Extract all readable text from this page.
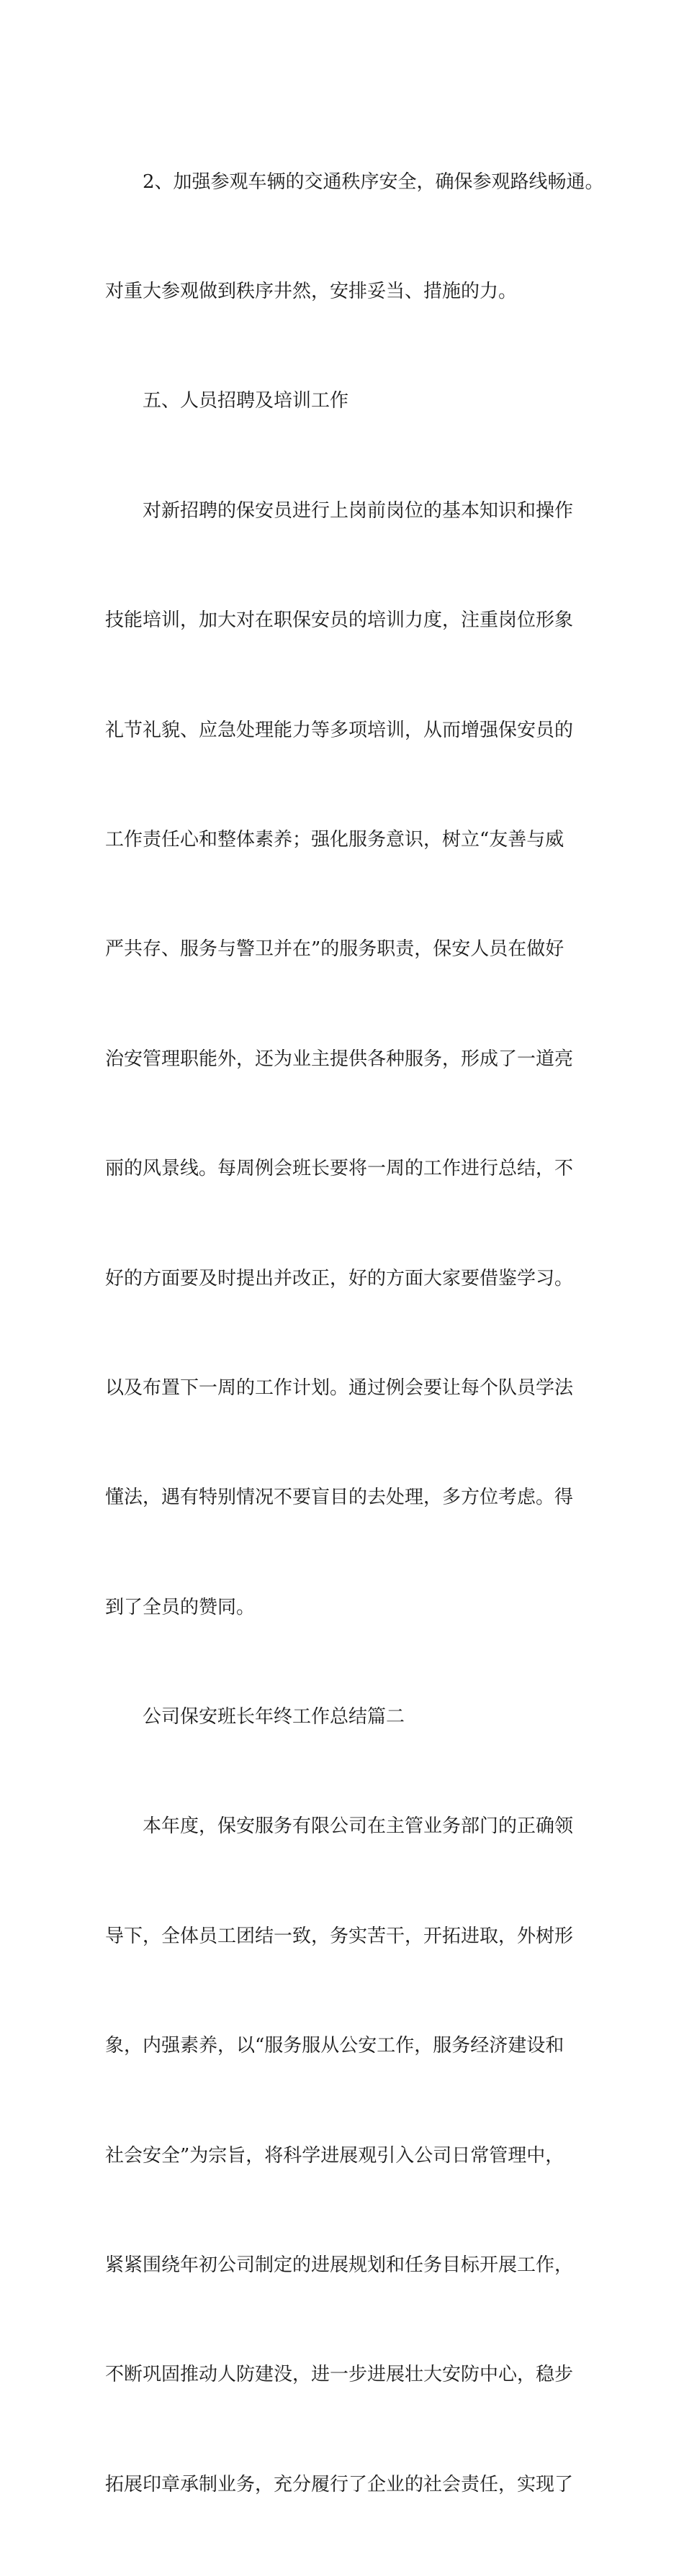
　　2、加强参观车辆的交通秩序安全，确保参观路线畅通。

对重大参观做到秩序井然，安排妥当、措施的力。

　　五、人员招聘及培训工作

　　对新招聘的保安员进行上岗前岗位的基本知识和操作

技能培训，加大对在职保安员的培训力度，注重岗位形象

礼节礼貌、应急处理能力等多项培训，从而增强保安员的

工作责任心和整体素养；强化服务意识，树立“友善与威

严共存、服务与警卫并在”的服务职责，保安人员在做好

治安管理职能外，还为业主提供各种服务，形成了一道亮

丽的风景线。每周例会班长要将一周的工作进行总结，不

好的方面要及时提出并改正，好的方面大家要借鉴学习。

以及布置下一周的工作计划。通过例会要让每个队员学法

懂法，遇有特别情况不要盲目的去处理，多方位考虑。得

到了全员的赞同。

　　公司保安班长年终工作总结篇二

　　本年度，保安服务有限公司在主管业务部门的正确领

导下，全体员工团结一致，务实苦干，开拓进取，外树形

象，内强素养，以“服务服从公安工作，服务经济建设和

社会安全”为宗旨，将科学进展观引入公司日常管理中，

紧紧围绕年初公司制定的进展规划和任务目标开展工作，

不断巩固推动人防建没，进一步进展壮大安防中心，稳步

拓展印章承制业务，充分履行了企业的社会责任，实现了
